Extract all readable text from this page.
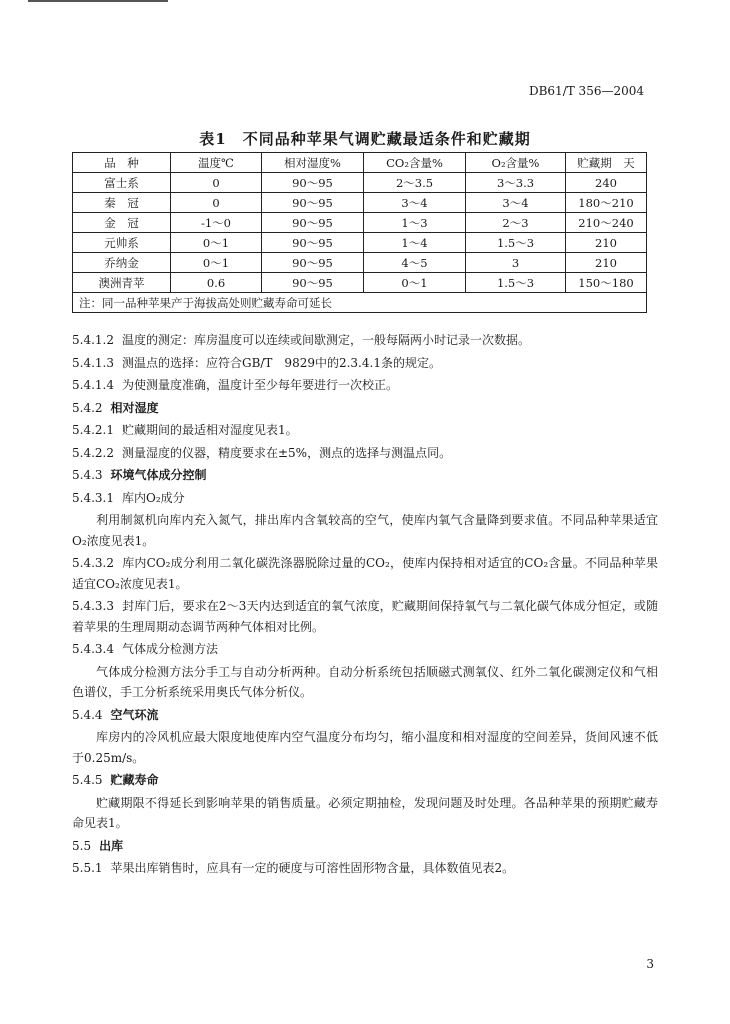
DB61/T 356—2004
表1　不同品种苹果气调贮藏最适条件和贮藏期
品　种	温度℃	相对湿度%	CO₂含量%	O₂含量%	贮藏期　天
富士系	0	90～95	2～3.5	3～3.3	240
秦　冠	0	90～95	3～4	3～4	180～210
金　冠	-1～0	90～95	1～3	2～3	210～240
元帅系	0～1	90～95	1～4	1.5～3	210
乔纳金	0～1	90～95	4～5	3	210
澳洲青苹	0.6	90～95	0～1	1.5～3	150～180
注：同一品种苹果产于海拔高处则贮藏寿命可延长					

5.4.1.2 温度的测定：库房温度可以连续或间歇测定，一般每隔两小时记录一次数据。

5.4.1.3 测温点的选择：应符合GB/T　9829中的2.3.4.1条的规定。

5.4.1.4 为使测量度准确，温度计至少每年要进行一次校正。

5.4.2 相对湿度

5.4.2.1 贮藏期间的最适相对湿度见表1。

5.4.2.2 测量湿度的仪器，精度要求在±5%，测点的选择与测温点同。

5.4.3 环境气体成分控制

5.4.3.1 库内O₂成分

利用制氮机向库内充入氮气，排出库内含氧较高的空气，使库内氧气含量降到要求值。不同品种苹果适宜O₂浓度见表1。

5.4.3.2 库内CO₂成分利用二氧化碳洗涤器脱除过量的CO₂，使库内保持相对适宜的CO₂含量。不同品种苹果适宜CO₂浓度见表1。

5.4.3.3 封库门后，要求在2～3天内达到适宜的氧气浓度，贮藏期间保持氧气与二氧化碳气体成分恒定，或随着苹果的生理周期动态调节两种气体相对比例。

5.4.3.4 气体成分检测方法

气体成分检测方法分手工与自动分析两种。自动分析系统包括顺磁式测氧仪、红外二氧化碳测定仪和气相色谱仪，手工分析系统采用奥氏气体分析仪。

5.4.4 空气环流

库房内的冷风机应最大限度地使库内空气温度分布均匀，缩小温度和相对湿度的空间差异，货间风速不低于0.25m/s。

5.4.5 贮藏寿命

贮藏期限不得延长到影响苹果的销售质量。必须定期抽检，发现问题及时处理。各品种苹果的预期贮藏寿命见表1。

5.5 出库

5.5.1 苹果出库销售时，应具有一定的硬度与可溶性固形物含量，具体数值见表2。

3
